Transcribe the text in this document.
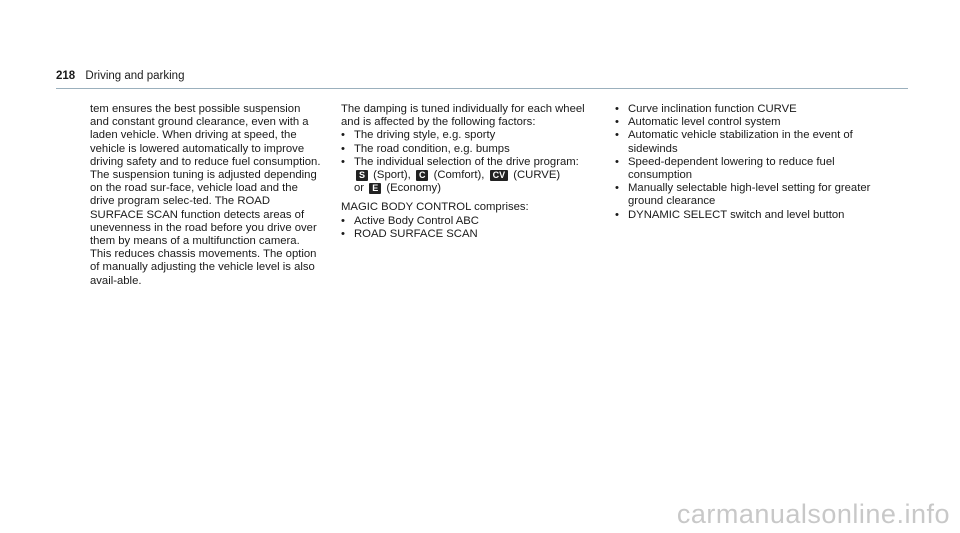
218 Driving and parking

tem ensures the best possible suspension and constant ground clearance, even with a laden vehicle. When driving at speed, the vehicle is lowered automatically to improve driving safety and to reduce fuel consumption. The suspension tuning is adjusted depending on the road sur-face, vehicle load and the drive program selec-ted. The ROAD SURFACE SCAN function detects areas of unevenness in the road before you drive over them by means of a multifunction camera. This reduces chassis movements. The option of manually adjusting the vehicle level is also avail-able.

The damping is tuned individually for each wheel and is affected by the following factors:

• The driving style, e.g. sporty
• The road condition, e.g. bumps
• The individual selection of the drive program:
S (Sport), C (Comfort), CV (CURVE)
or E (Economy)

MAGIC BODY CONTROL comprises:

• Active Body Control ABC
• ROAD SURFACE SCAN
• Curve inclination function CURVE
• Automatic level control system
• Automatic vehicle stabilization in the event of sidewinds
• Speed-dependent lowering to reduce fuel consumption
• Manually selectable high-level setting for greater ground clearance
• DYNAMIC SELECT switch and level button
carmanualsonline.info
